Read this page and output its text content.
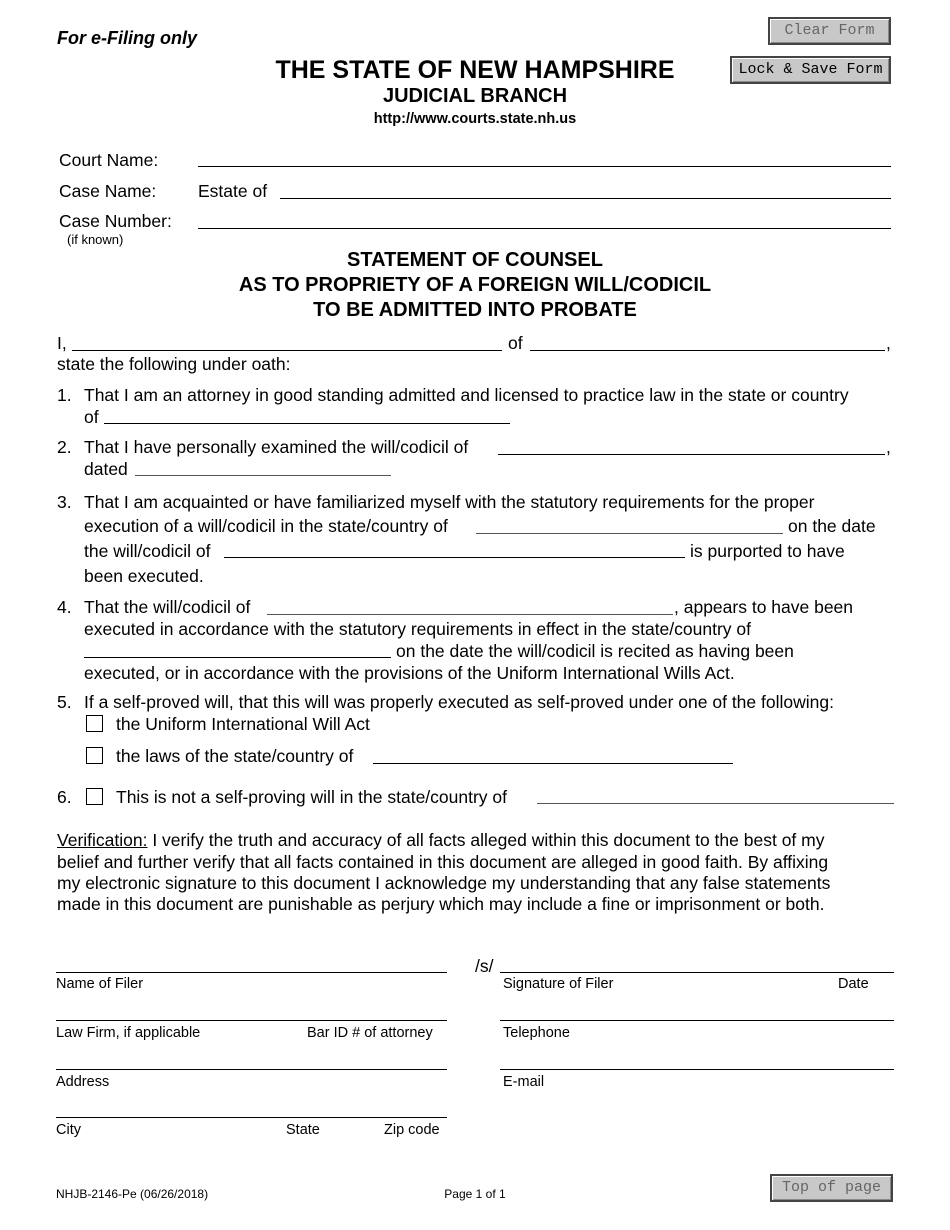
For e-Filing only	Clear Form
Lock & Save Form
THE STATE OF NEW HAMPSHIRE
JUDICIAL BRANCH
http://www.courts.state.nh.us
Court Name:
Case Name: Estate of
Case Number:
(if known)
STATEMENT OF COUNSEL
AS TO PROPRIETY OF A FOREIGN WILL/CODICIL
TO BE ADMITTED INTO PROBATE
I,	of	,
state the following under oath:
1. That I am an attorney in good standing admitted and licensed to practice law in the state or country
of
2. That I have personally examined the will/codicil of	,
dated
3. That I am acquainted or have familiarized myself with the statutory requirements for the proper
execution of a will/codicil in the state/country of	on the date
the will/codicil of	is purported to have
been executed.
4. That the will/codicil of	, appears to have been
executed in accordance with the statutory requirements in effect in the state/country of
on the date the will/codicil is recited as having been
executed, or in accordance with the provisions of the Uniform International Wills Act.
5. If a self-proved will, that this will was properly executed as self-proved under one of the following:
the Uniform International Will Act
the laws of the state/country of
6.	This is not a self-proving will in the state/country of
Verification: I verify the truth and accuracy of all facts alleged within this document to the best of my
belief and further verify that all facts contained in this document are alleged in good faith. By affixing
my electronic signature to this document I acknowledge my understanding that any false statements
made in this document are punishable as perjury which may include a fine or imprisonment or both.
/s/
Name of Filer	Signature of Filer	Date
Law Firm, if applicable	Bar ID # of attorney	Telephone
Address	E-mail
City	State	Zip code
NHJB-2146-Pe (06/26/2018)	Page 1 of 1	Top of page
